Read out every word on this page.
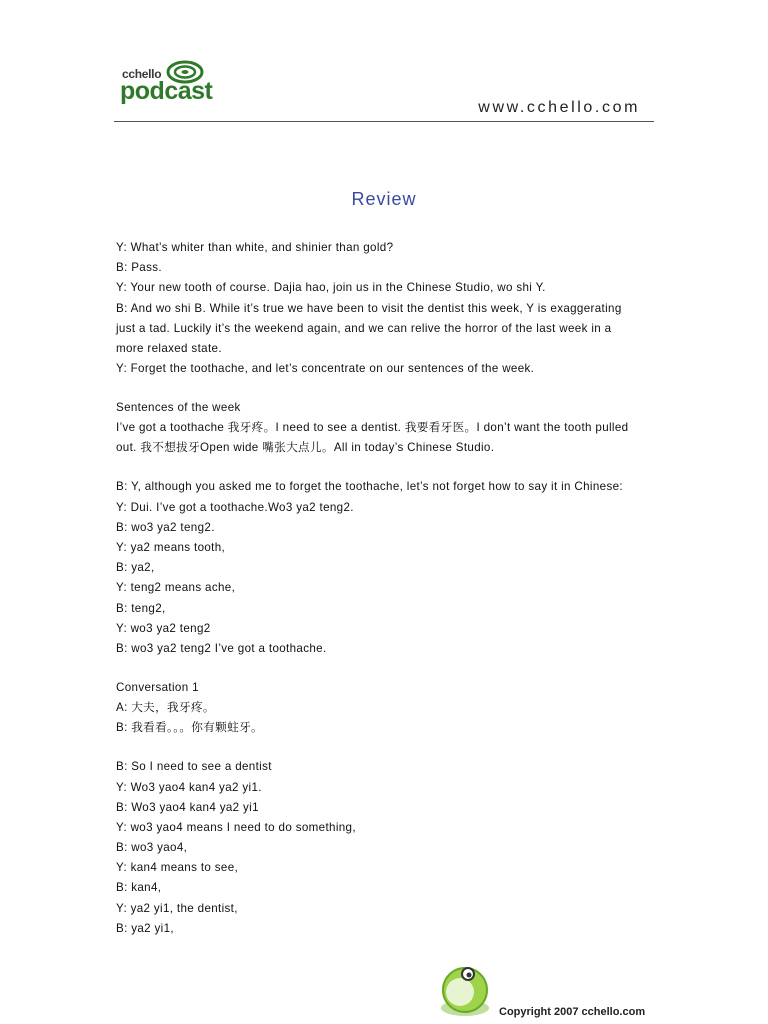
cchello
podcast
www.cchello.com
Review
Y: What’s whiter than white, and shinier than gold?
B: Pass.
Y: Your new tooth of course. Dajia hao, join us in the Chinese Studio, wo shi Y.
B: And wo shi B. While it’s true we have been to visit the dentist this week, Y is exaggerating
just a tad. Luckily it’s the weekend again, and we can relive the horror of the last week in a
more relaxed state.
Y: Forget the toothache, and let’s concentrate on our sentences of the week.
Sentences of the week
I’ve got a toothache 我牙疼。I need to see a dentist. 我要看牙医。I don’t want the tooth pulled
out. 我不想拔牙Open wide 嘴张大点儿。All in today’s Chinese Studio.
B: Y, although you asked me to forget the toothache, let’s not forget how to say it in Chinese:
Y: Dui. I’ve got a toothache.Wo3 ya2 teng2.
B: wo3 ya2 teng2.
Y: ya2 means tooth,
B: ya2,
Y: teng2 means ache,
B: teng2,
Y: wo3 ya2 teng2
B: wo3 ya2 teng2 I’ve got a toothache.
Conversation 1
A: 大夫，我牙疼。
B: 我看看。。。你有颗蛀牙。
B: So I need to see a dentist
Y: Wo3 yao4 kan4 ya2 yi1.
B: Wo3 yao4 kan4 ya2 yi1
Y: wo3 yao4 means I need to do something,
B: wo3 yao4,
Y: kan4 means to see,
B: kan4,
Y: ya2 yi1, the dentist,
B: ya2 yi1,
Copyright 2007 cchello.com
